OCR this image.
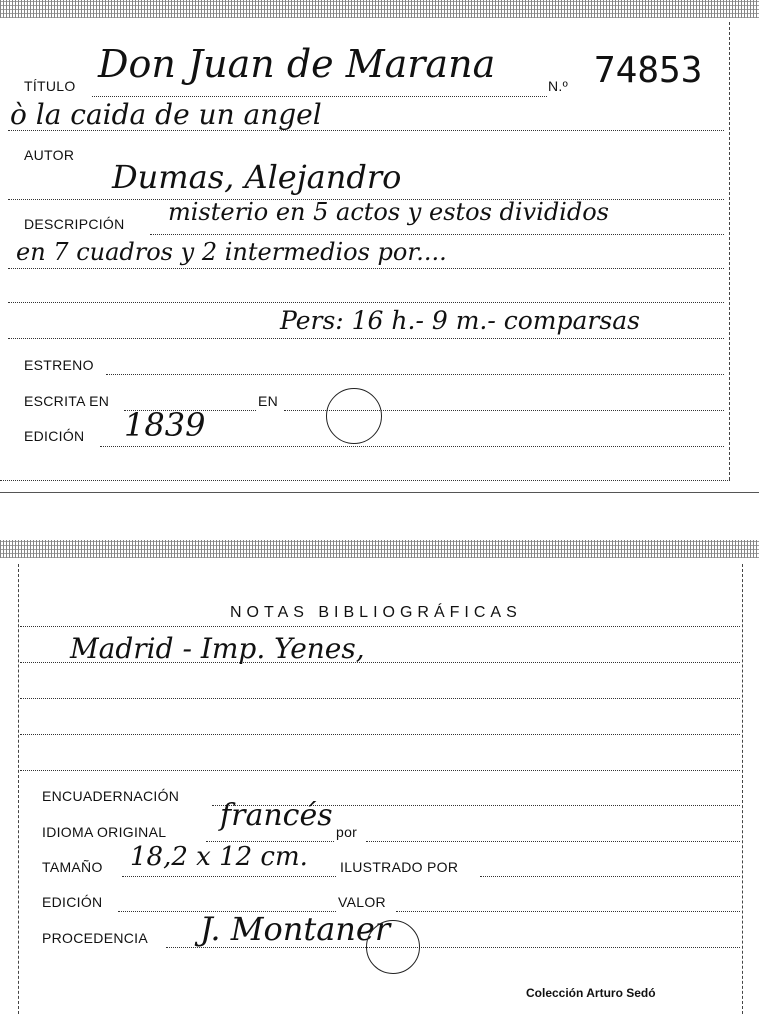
TÍTULO Don Juan de Marana	N.º 74853
ò la caida de un angel
AUTOR
Dumas, Alejandro
DESCRIPCIÓN misterio en 5 actos y estos divididos
en 7 cuadros y 2 intermedios por....
Pers: 16 h.- 9 m.- comparsas
ESTRENO
ESCRITA EN	EN
EDICIÓN 1839
NOTAS BIBLIOGRÁFICAS
Madrid - Imp. Yenes,
ENCUADERNACIÓN
IDIOMA ORIGINAL francés por
TAMAÑO 18,2 x 12 cm. ILUSTRADO POR
EDICIÓN	VALOR
PROCEDENCIA J. Montaner
Colección Arturo Sedó
